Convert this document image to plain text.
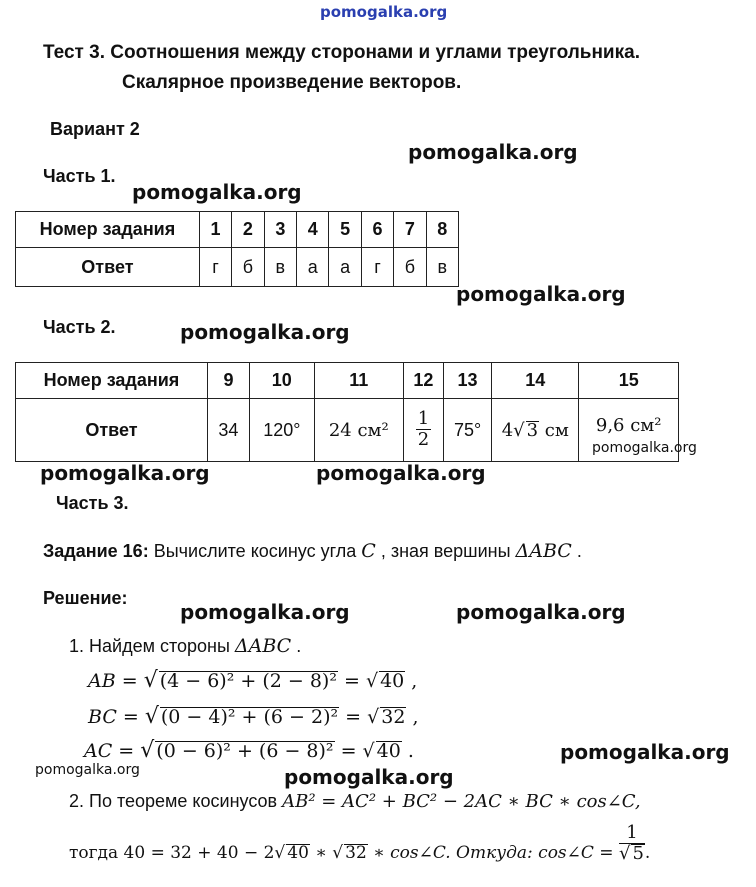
pomogalka.org
Тест 3. Соотношения между сторонами и углами треугольника.
Скалярное произведение векторов.
Вариант 2
pomogalka.org
Часть 1.
pomogalka.org
Номер задания	1	2	3	4	5	6	7	8
Ответ	г	б	в	а	а	г	б	в
pomogalka.org
Часть 2.	pomogalka.org
Номер задания	9	10	11	12	13	14	15
Ответ	34	120°	24 см²	$\frac{1}{2}$	75°	4√ 3 см	9,6 см²
pomogalka.org
pomogalka.org	pomogalka.org
Часть 3.
Задание 16: Вычислите косинус угла C , зная вершины ΔABC .
Решение:
pomogalka.org	pomogalka.org
1. Найдем стороны ΔABC .
AB = √ (4 − 6)² + (2 − 8)² = √ 40 ,
BC = √ (0 − 4)² + (6 − 2)² = √ 32 ,
AC = √ (0 − 6)² + (6 − 8)² = √ 40 .	pomogalka.org
pomogalka.org	pomogalka.org
2. По теореме косинусов AB² = AC² + BC² − 2AC ∗ BC ∗ cos∠C,
тогда 40 = 32 + 40 − 2√ 40 ∗ √ 32 ∗ cos∠C. Откуда: cos∠C = $\frac{1}{√ 5}$ .
